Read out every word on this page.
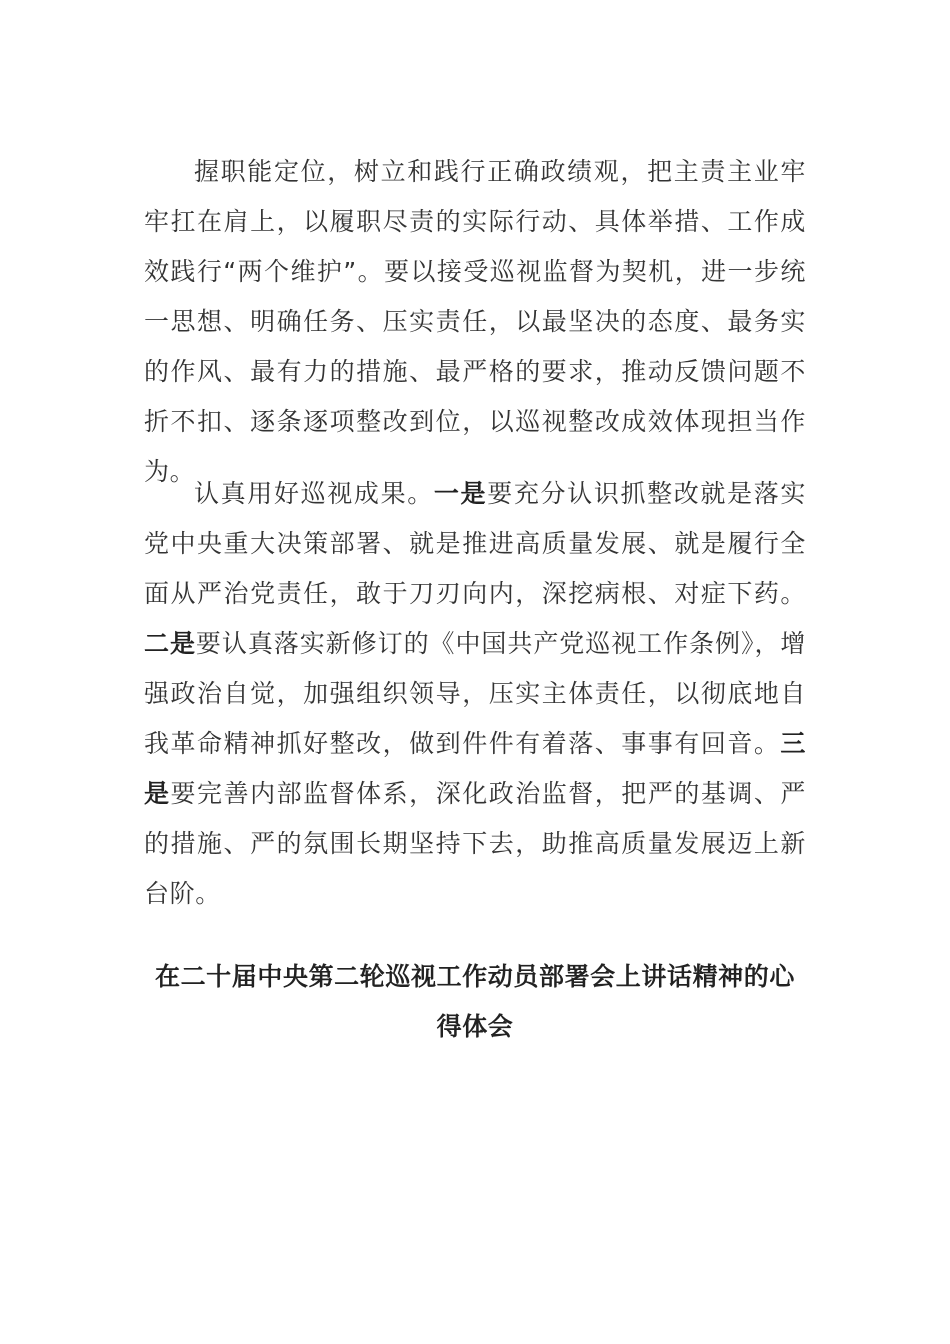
握职能定位，树立和践行正确政绩观，把主责主业牢牢扛在肩上，以履职尽责的实际行动、具体举措、工作成效践行“两个维护”。要以接受巡视监督为契机，进一步统一思想、明确任务、压实责任，以最坚决的态度、最务实的作风、最有力的措施、最严格的要求，推动反馈问题不折不扣、逐条逐项整改到位，以巡视整改成效体现担当作为。

认真用好巡视成果。一是要充分认识抓整改就是落实党中央重大决策部署、就是推进高质量发展、就是履行全面从严治党责任，敢于刀刃向内，深挖病根、对症下药。二是要认真落实新修订的《中国共产党巡视工作条例》，增强政治自觉，加强组织领导，压实主体责任，以彻底地自我革命精神抓好整改，做到件件有着落、事事有回音。三是要完善内部监督体系，深化政治监督，把严的基调、严的措施、严的氛围长期坚持下去，助推高质量发展迈上新台阶。

在二十届中央第二轮巡视工作动员部署会上讲话精神的心得体会
